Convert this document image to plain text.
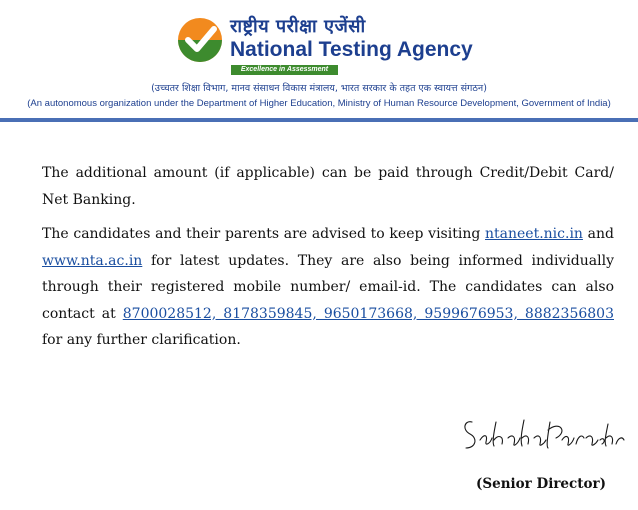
राष्ट्रीय परीक्षा एजेंसी
National Testing Agency
Excellence in Assessment
(उच्चतर शिक्षा विभाग, मानव संसाधन विकास मंत्रालय, भारत सरकार के तहत एक स्वायत्त संगठन)
(An autonomous organization under the Department of Higher Education, Ministry of Human Resource Development, Government of India)

The additional amount (if applicable) can be paid through Credit/Debit Card/ Net Banking.

The candidates and their parents are advised to keep visiting ntaneet.nic.in and www.nta.ac.in for latest updates. They are also being informed individually through their registered mobile number/ email-id. The candidates can also contact at 8700028512, 8178359845, 9650173668, 9599676953, 8882356803 for any further clarification.

(Senior Director)
